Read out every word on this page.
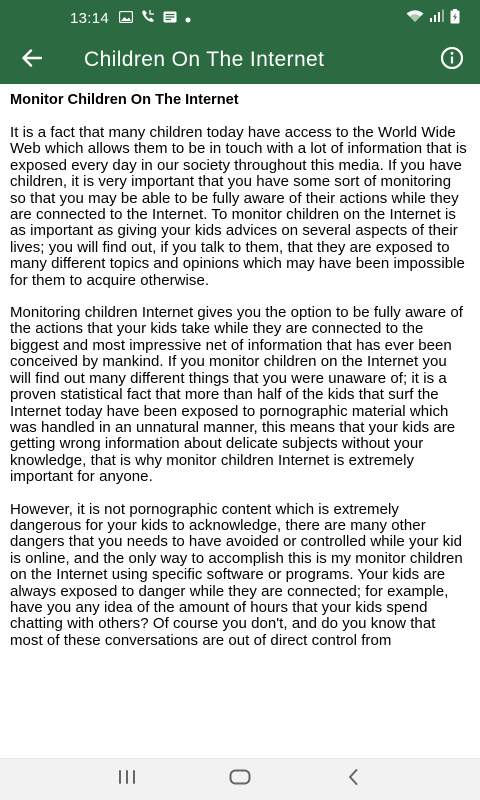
13:14
Children On The Internet
Monitor Children On The Internet

It is a fact that many children today have access to the World Wide Web which allows them to be in touch with a lot of information that is exposed every day in our society throughout this media. If you have children, it is very important that you have some sort of monitoring so that you may be able to be fully aware of their actions while they are connected to the Internet. To monitor children on the Internet is as important as giving your kids advices on several aspects of their lives; you will find out, if you talk to them, that they are exposed to many different topics and opinions which may have been impossible for them to acquire otherwise.

Monitoring children Internet gives you the option to be fully aware of the actions that your kids take while they are connected to the biggest and most impressive net of information that has ever been conceived by mankind. If you monitor children on the Internet you will find out many different things that you were unaware of; it is a proven statistical fact that more than half of the kids that surf the Internet today have been exposed to pornographic material which was handled in an unnatural manner, this means that your kids are getting wrong information about delicate subjects without your knowledge, that is why monitor children Internet is extremely important for anyone.

However, it is not pornographic content which is extremely dangerous for your kids to acknowledge, there are many other dangers that you needs to have avoided or controlled while your kid is online, and the only way to accomplish this is my monitor children on the Internet using specific software or programs. Your kids are always exposed to danger while they are connected; for example, have you any idea of the amount of hours that your kids spend chatting with others? Of course you don't, and do you know that most of these conversations are out of direct control from
